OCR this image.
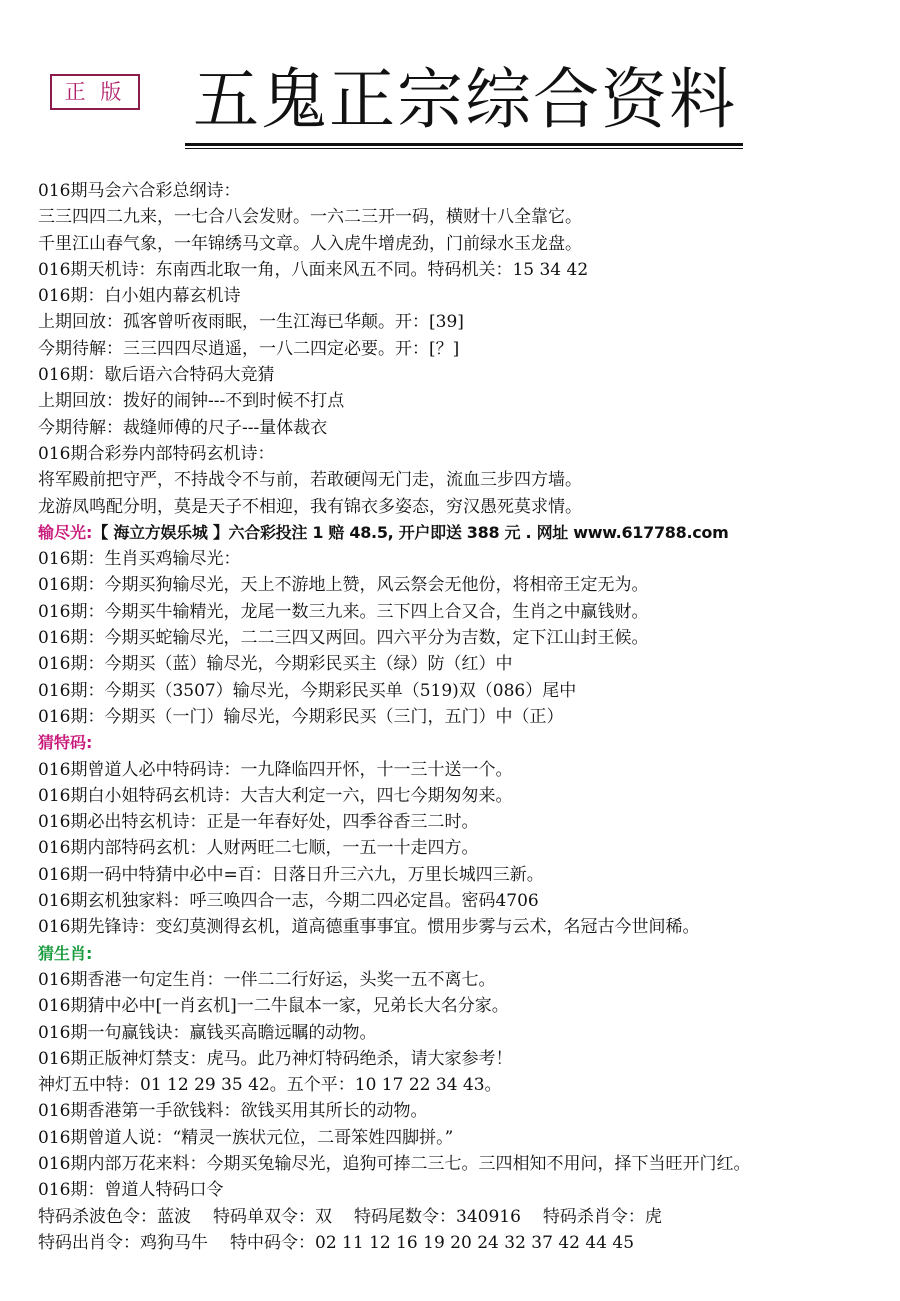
正 版 五鬼正宗综合资料
016期马会六合彩总纲诗：
三三四四二九来，一七合八会发财。一六二三开一码，横财十八全靠它。
千里江山春气象，一年锦绣马文章。人入虎牛增虎劲，门前绿水玉龙盘。
016期天机诗：东南西北取一角，八面来风五不同。特码机关：15 34 42
016期：白小姐内幕玄机诗
上期回放：孤客曾听夜雨眠，一生江海已华颠。开：[39]
今期待解：三三四四尽逍遥，一八二四定必要。开：[？]
016期：歇后语六合特码大竞猜
上期回放：拨好的闹钟---不到时候不打点
今期待解：裁缝师傅的尺子---量体裁衣
016期合彩券内部特码玄机诗：
将军殿前把守严，不持战令不与前，若敢硬闯无门走，流血三步四方墙。
龙游凤鸣配分明，莫是天子不相迎，我有锦衣多姿态，穷汉愚死莫求情。
输尽光:【 海立方娱乐城 】六合彩投注 1 赔 48.5, 开户即送 388 元 . 网址 www.617788.com
016期：生肖买鸡输尽光：
016期：今期买狗输尽光，天上不游地上赞，风云祭会无他份，将相帝王定无为。
016期：今期买牛输精光，龙尾一数三九来。三下四上合又合，生肖之中赢钱财。
016期：今期买蛇输尽光，二二三四又两回。四六平分为吉数，定下江山封王候。
016期：今期买（蓝）输尽光，今期彩民买主（绿）防（红）中
016期：今期买（3507）输尽光，今期彩民买单（519)双（086）尾中
016期：今期买（一门）输尽光，今期彩民买（三门，五门）中（正）
猜特码:
016期曾道人必中特码诗：一九降临四开怀，十一三十送一个。
016期白小姐特码玄机诗：大吉大利定一六，四七今期匆匆来。
016期必出特玄机诗：正是一年春好处，四季谷香三二时。
016期内部特码玄机：人财两旺二七顺，一五一十走四方。
016期一码中特猜中必中=百：日落日升三六九，万里长城四三新。
016期玄机独家料：呼三唤四合一志，今期二四必定昌。密码4706
016期先锋诗：变幻莫测得玄机，道高德重事事宜。惯用步雾与云术，名冠古今世间稀。
猜生肖:
016期香港一句定生肖：一伴二二行好运，头奖一五不离七。
016期猜中必中[一肖玄机]一二牛鼠本一家，兄弟长大名分家。
016期一句赢钱诀：赢钱买高瞻远瞩的动物。
016期正版神灯禁支：虎马。此乃神灯特码绝杀，请大家参考！
神灯五中特：01 12 29 35 42。五个平：10 17 22 34 43。
016期香港第一手欲钱料：欲钱买用其所长的动物。
016期曾道人说：“精灵一族状元位，二哥笨姓四脚拼。”
016期内部万花来料：今期买兔输尽光，追狗可捧二三七。三四相知不用问，择下当旺开门红。
016期：曾道人特码口令
特码杀波色令：蓝波 特码单双令：双 特码尾数令：340916 特码杀肖令：虎
特码出肖令：鸡狗马牛 特中码令：02 11 12 16 19 20 24 32 37 42 44 45
